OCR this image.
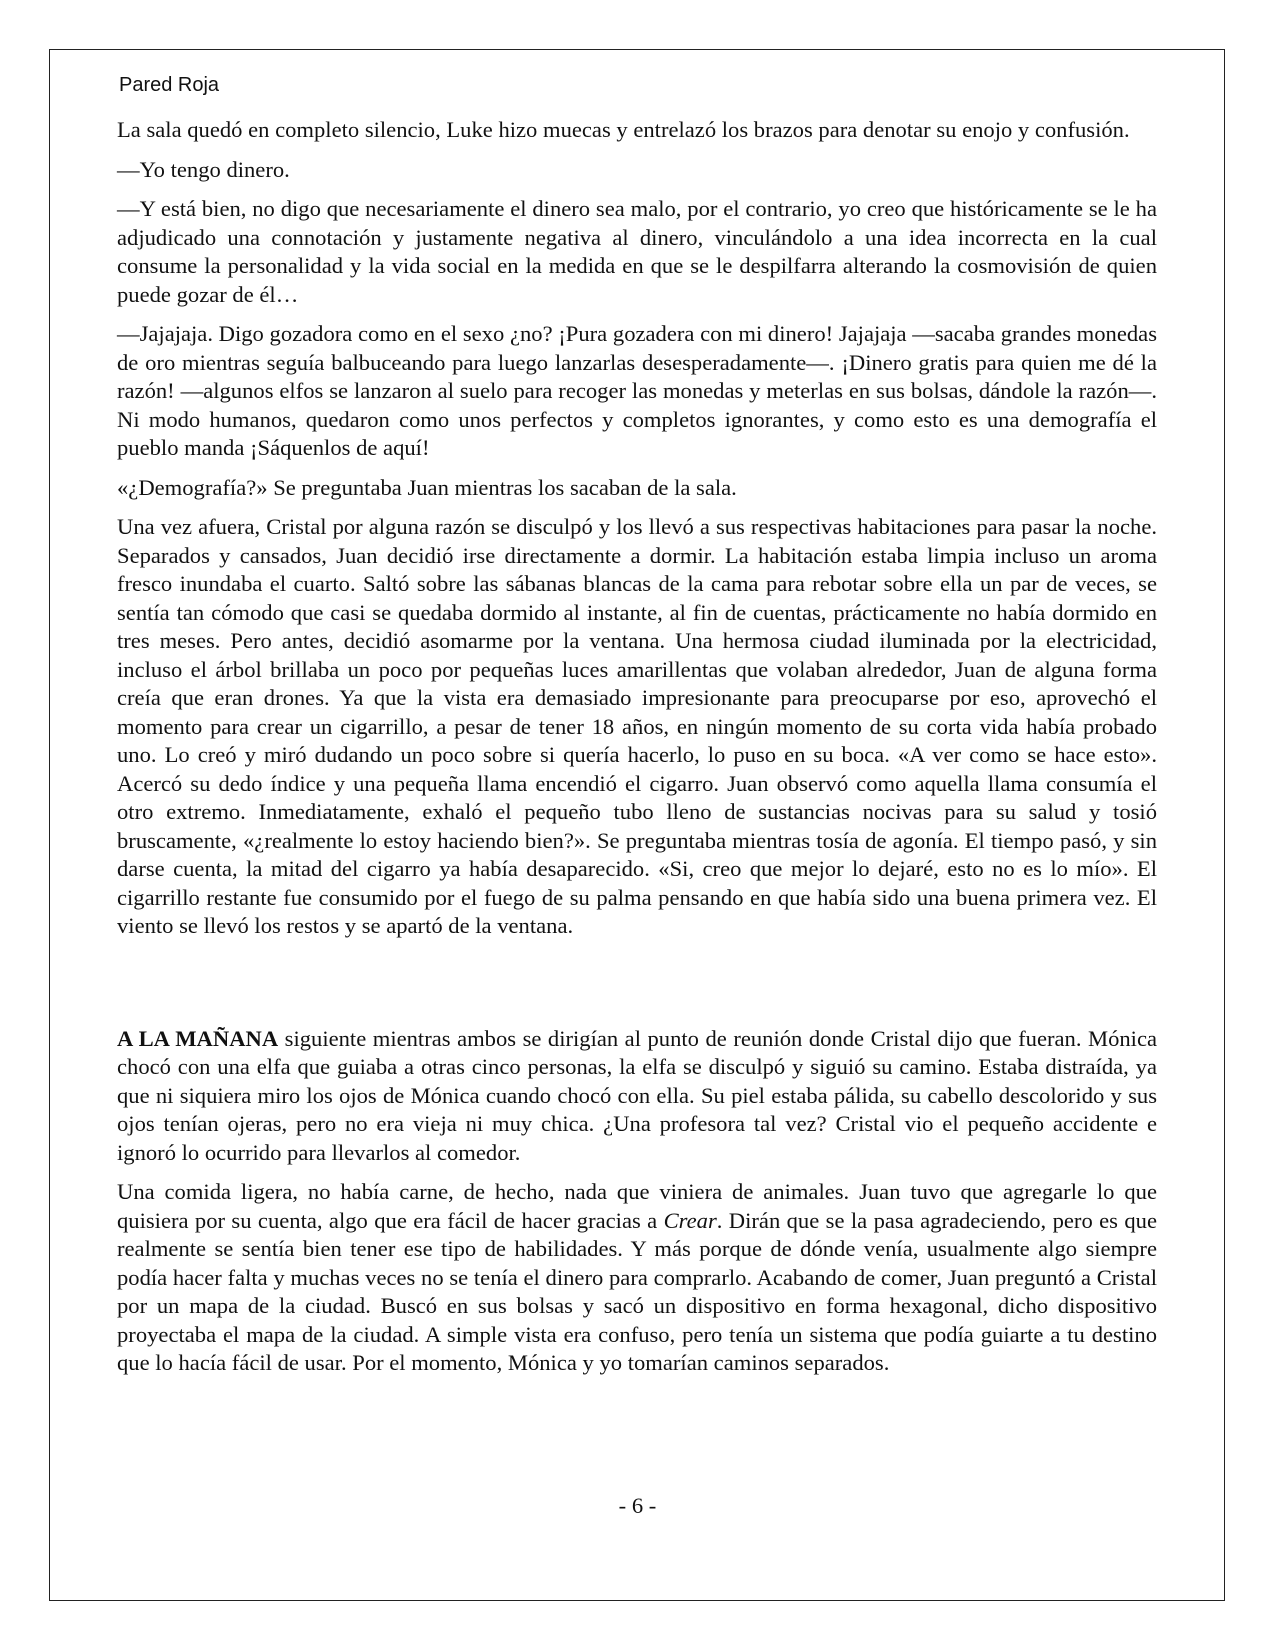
Pared Roja

La sala quedó en completo silencio, Luke hizo muecas y entrelazó los brazos para denotar su enojo y confusión.

—Yo tengo dinero.

—Y está bien, no digo que necesariamente el dinero sea malo, por el contrario, yo creo que históricamente se le ha adjudicado una connotación y justamente negativa al dinero, vinculándolo a una idea incorrecta en la cual consume la personalidad y la vida social en la medida en que se le despilfarra alterando la cosmovisión de quien puede gozar de él…

—Jajajaja. Digo gozadora como en el sexo ¿no? ¡Pura gozadera con mi dinero! Jajajaja —sacaba grandes monedas de oro mientras seguía balbuceando para luego lanzarlas desesperadamente—. ¡Dinero gratis para quien me dé la razón! —algunos elfos se lanzaron al suelo para recoger las monedas y meterlas en sus bolsas, dándole la razón—. Ni modo humanos, quedaron como unos perfectos y completos ignorantes, y como esto es una demografía el pueblo manda ¡Sáquenlos de aquí!

«¿Demografía?» Se preguntaba Juan mientras los sacaban de la sala.

Una vez afuera, Cristal por alguna razón se disculpó y los llevó a sus respectivas habitaciones para pasar la noche. Separados y cansados, Juan decidió irse directamente a dormir. La habitación estaba limpia incluso un aroma fresco inundaba el cuarto. Saltó sobre las sábanas blancas de la cama para rebotar sobre ella un par de veces, se sentía tan cómodo que casi se quedaba dormido al instante, al fin de cuentas, prácticamente no había dormido en tres meses. Pero antes, decidió asomarme por la ventana. Una hermosa ciudad iluminada por la electricidad, incluso el árbol brillaba un poco por pequeñas luces amarillentas que volaban alrededor, Juan de alguna forma creía que eran drones. Ya que la vista era demasiado impresionante para preocuparse por eso, aprovechó el momento para crear un cigarrillo, a pesar de tener 18 años, en ningún momento de su corta vida había probado uno. Lo creó y miró dudando un poco sobre si quería hacerlo, lo puso en su boca. «A ver como se hace esto». Acercó su dedo índice y una pequeña llama encendió el cigarro. Juan observó como aquella llama consumía el otro extremo. Inmediatamente, exhaló el pequeño tubo lleno de sustancias nocivas para su salud y tosió bruscamente, «¿realmente lo estoy haciendo bien?». Se preguntaba mientras tosía de agonía. El tiempo pasó, y sin darse cuenta, la mitad del cigarro ya había desaparecido. «Si, creo que mejor lo dejaré, esto no es lo mío». El cigarrillo restante fue consumido por el fuego de su palma pensando en que había sido una buena primera vez. El viento se llevó los restos y se apartó de la ventana.

A LA MAÑANA siguiente mientras ambos se dirigían al punto de reunión donde Cristal dijo que fueran. Mónica chocó con una elfa que guiaba a otras cinco personas, la elfa se disculpó y siguió su camino. Estaba distraída, ya que ni siquiera miro los ojos de Mónica cuando chocó con ella. Su piel estaba pálida, su cabello descolorido y sus ojos tenían ojeras, pero no era vieja ni muy chica. ¿Una profesora tal vez? Cristal vio el pequeño accidente e ignoró lo ocurrido para llevarlos al comedor.

Una comida ligera, no había carne, de hecho, nada que viniera de animales. Juan tuvo que agregarle lo que quisiera por su cuenta, algo que era fácil de hacer gracias a Crear. Dirán que se la pasa agradeciendo, pero es que realmente se sentía bien tener ese tipo de habilidades. Y más porque de dónde venía, usualmente algo siempre podía hacer falta y muchas veces no se tenía el dinero para comprarlo. Acabando de comer, Juan preguntó a Cristal por un mapa de la ciudad. Buscó en sus bolsas y sacó un dispositivo en forma hexagonal, dicho dispositivo proyectaba el mapa de la ciudad. A simple vista era confuso, pero tenía un sistema que podía guiarte a tu destino que lo hacía fácil de usar. Por el momento, Mónica y yo tomarían caminos separados.

- 6 -
